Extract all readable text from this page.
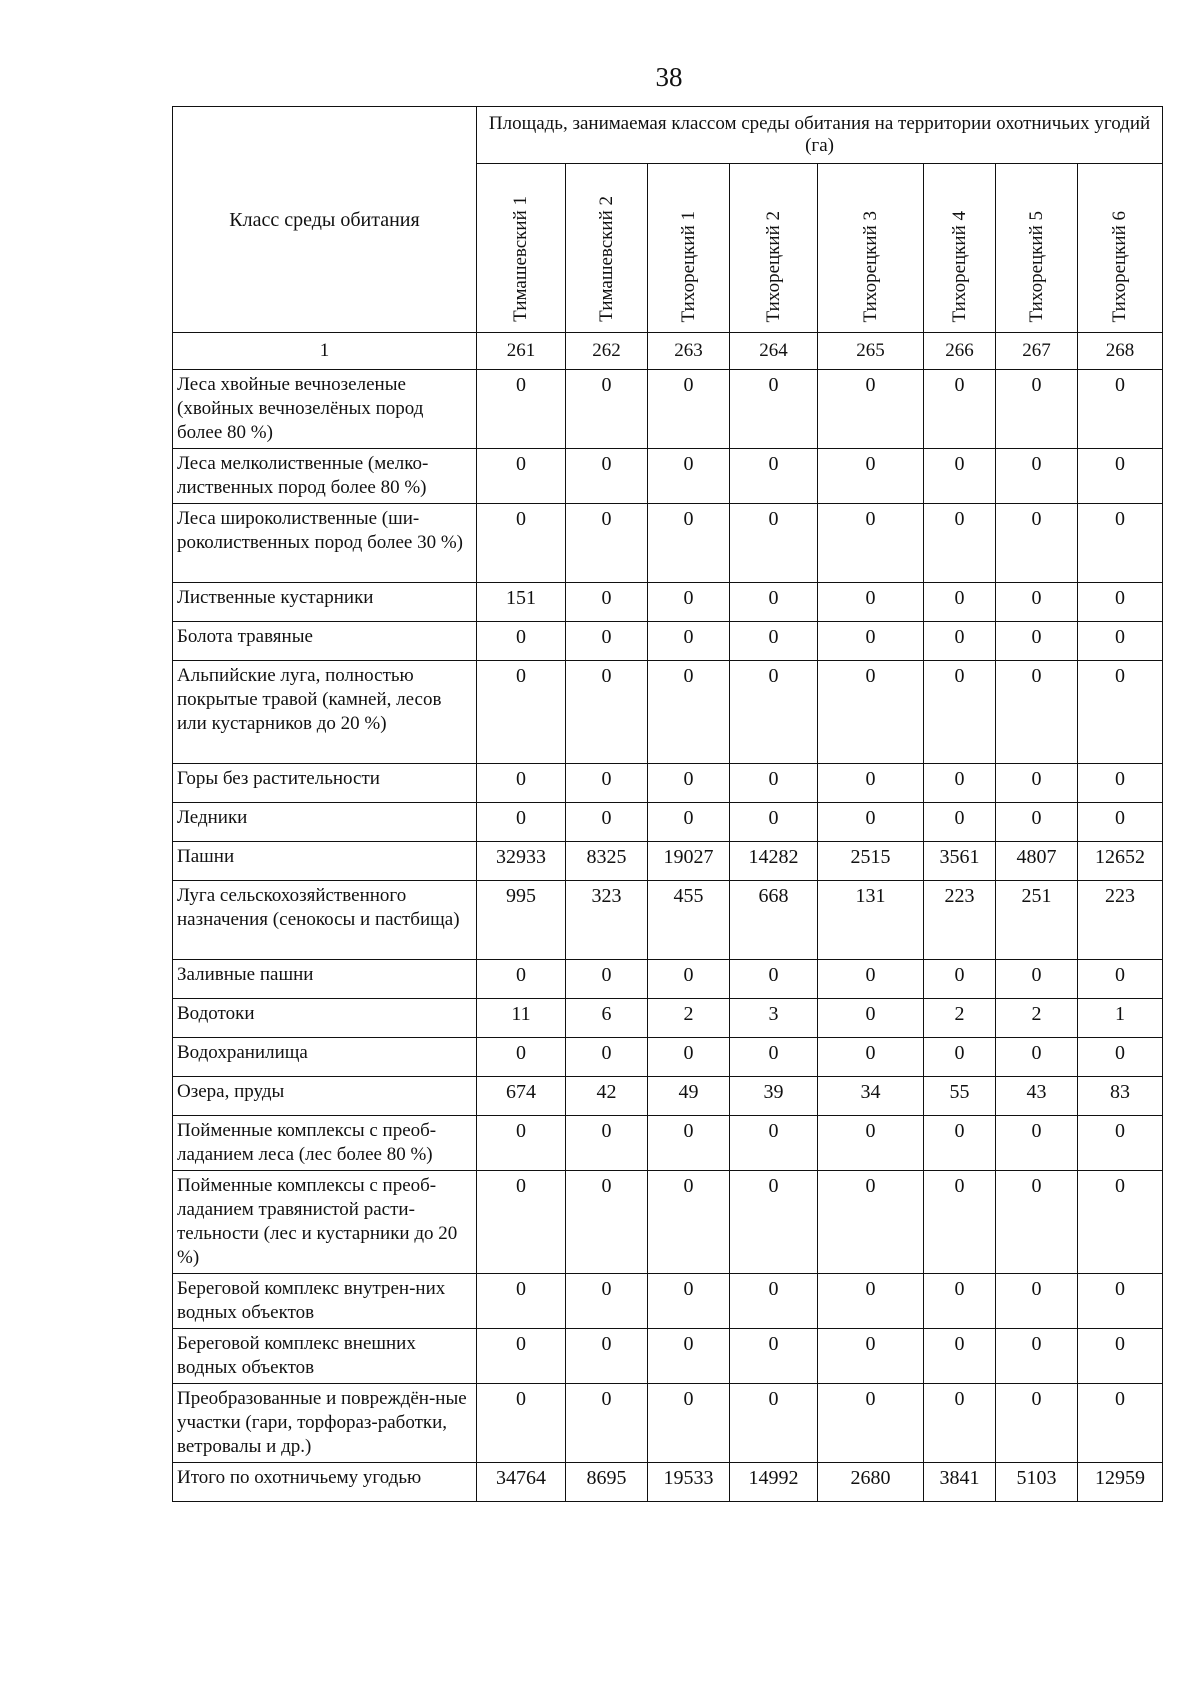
38
Класс среды обитания	Площадь, занимаемая классом среды обитания на территории охотничьих угодий (га)							

	Тимашевский 1	Тимашевский 2	Тихорецкий 1	Тихорецкий 2	Тихорецкий 3	Тихорецкий 4	Тихорецкий 5	Тихорецкий 6

1	261	262	263	264	265	266	267	268
Леса хвойные вечнозеленые (хвойных вечнозелёных пород более 80 %)	0	0	0	0	0	0	0	0
Леса мелколиственные (мелко-лиственных пород более 80 %)	0	0	0	0	0	0	0	0
Леса широколиственные (ши-роколиственных пород более 30 %)	0	0	0	0	0	0	0	0
Лиственные кустарники	151	0	0	0	0	0	0	0
Болота травяные	0	0	0	0	0	0	0	0
Альпийские луга, полностью покрытые травой (камней, лесов или кустарников до 20 %)	0	0	0	0	0	0	0	0
Горы без растительности	0	0	0	0	0	0	0	0
Ледники	0	0	0	0	0	0	0	0
Пашни	32933	8325	19027	14282	2515	3561	4807	12652
Луга сельскохозяйственного назначения (сенокосы и пастбища)	995	323	455	668	131	223	251	223
Заливные пашни	0	0	0	0	0	0	0	0
Водотоки	11	6	2	3	0	2	2	1
Водохранилища	0	0	0	0	0	0	0	0
Озера, пруды	674	42	49	39	34	55	43	83
Пойменные комплексы с преоб-ладанием леса (лес более 80 %)	0	0	0	0	0	0	0	0
Пойменные комплексы с преоб-ладанием травянистой расти-тельности (лес и кустарники до 20 %)	0	0	0	0	0	0	0	0
Береговой комплекс внутрен-них водных объектов	0	0	0	0	0	0	0	0
Береговой комплекс внешних водных объектов	0	0	0	0	0	0	0	0
Преобразованные и повреждён-ные участки (гари, торфораз-работки, ветровалы и др.)	0	0	0	0	0	0	0	0
Итого по охотничьему угодью	34764	8695	19533	14992	2680	3841	5103	12959
